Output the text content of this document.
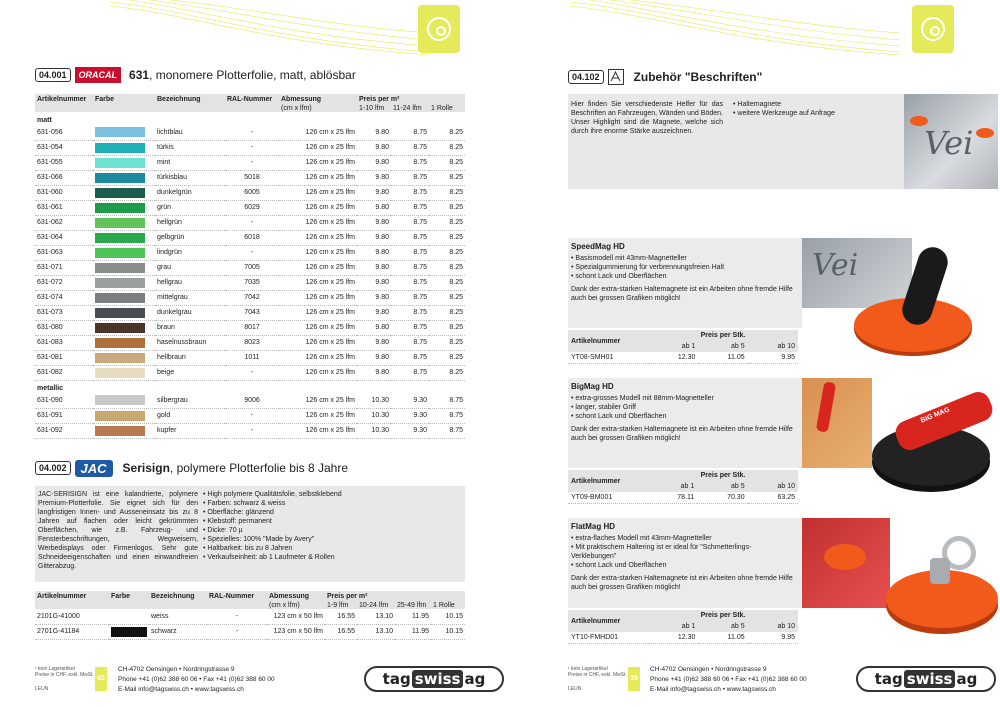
04.001	ORACAL	631, monomere Plotterfolie, matt, ablösbar
Artikelnummer	Farbe	Bezeichnung	RAL-Nummer	Abmessung	Preis per m²		
				(cm x lfm)	1-10 lfm	11-24 lfm	1 Rolle
matt							
631-056		lichtblau	-	126 cm x 25 lfm	9.80	8.75	8.25
631-054		türkis	-	126 cm x 25 lfm	9.80	8.75	8.25
631-055		mint	-	126 cm x 25 lfm	9.80	8.75	8.25
631-066		türkisblau	5018	126 cm x 25 lfm	9.80	8.75	8.25
631-060		dunkelgrün	6005	126 cm x 25 lfm	9.80	8.75	8.25
631-061		grün	6029	126 cm x 25 lfm	9.80	8.75	8.25
631-062		hellgrün	-	126 cm x 25 lfm	9.80	8.75	8.25
631-064		gelbgrün	6018	126 cm x 25 lfm	9.80	8.75	8.25
631-063		lindgrün	-	126 cm x 25 lfm	9.80	8.75	8.25
631-071		grau	7005	126 cm x 25 lfm	9.80	8.75	8.25
631-072		hellgrau	7035	126 cm x 25 lfm	9.80	8.75	8.25
631-074		mittelgrau	7042	126 cm x 25 lfm	9.80	8.75	8.25
631-073		dunkelgrau	7043	126 cm x 25 lfm	9.80	8.75	8.25
631-080		braun	8017	126 cm x 25 lfm	9.80	8.75	8.25
631-083		haselnussbraun	8023	126 cm x 25 lfm	9.80	8.75	8.25
631-081		hellbraun	1011	126 cm x 25 lfm	9.80	8.75	8.25
631-082		beige	-	126 cm x 25 lfm	9.80	8.75	8.25
metallic							
631-090		silbergrau	9006	126 cm x 25 lfm	10.30	9.30	8.75
631-091		gold	-	126 cm x 25 lfm	10.30	9.30	8.75
631-092		kupfer	-	126 cm x 25 lfm	10.30	9.30	8.75
04.002	JAC	Serisign, polymere Plotterfolie bis 8 Jahre
JAC-SERISIGN ist eine kalandrierte, polymere Premium-Plotterfolie. Sie eignet sich für den langfristigen Innen- und Ausseneinsatz bis zu 8 Jahren auf flachen oder leicht gekrümmten Oberflächen, wie z.B. Fahrzeug- und Fensterbeschriftungen, Wegweisern, Werbedisplays oder Firmenlogos. Sehr gute Schneideeigenschaften und einen einwandfreien Gitterabzug.
• High polymere Qualitätsfolie, selbstklebend
• Farben: schwarz & weiss
• Oberfläche: glänzend
• Klebstoff: permanent
• Dicke: 70 µ
• Spezielles: 100% "Made by Avery"
• Haltbarkeit: bis zu 8 Jahren
• Verkaufseinheit: ab 1 Laufmeter & Rollen
Artikelnummer	Farbe	Bezeichnung	RAL-Nummer	Abmessung	Preis per m²			
				(cm x lfm)	1-9 lfm	10-24 lfm	25-49 lfm	1 Rolle
2101G-41000		weiss	-	123 cm x 50 lfm	16.55	13.10	11.95	10.15
2701G-41184		schwarz	-	123 cm x 50 lfm	16.55	13.10	11.95	10.15
¹ kein Lagerartikel
Preise in CHF, exkl. MwSt.
LEUN
02
CH-4702 Oensingen • Nordringstrasse 9
Phone +41 (0)62 388 60 06 • Fax +41 (0)62 388 60 00
E-Mail info@tagswiss.ch • www.tagswiss.ch
tag swiss ag
04.102	Zubehör "Beschriften"
Hier finden Sie verschiedenste Helfer für das Beschriften an Fahrzeugen, Wänden und Böden. Unser Highlight sind die Magnete, welche sich durch ihre enorme Stärke auszeichnen.
• Haltemagnete
• weitere Werkzeuge auf Anfrage
Vei
SpeedMag HD
• Basismodell mit 43mm-Magnetteller
• Spezialgummierung für verbrennungsfreien Halt
• schont Lack und Oberflächen
Dank der extra-starken Haltemagnete ist ein Arbeiten ohne fremde Hilfe auch bei grossen Grafiken möglich!
Artikelnummer	Preis per Stk.		
	ab 1	ab 5	ab 10
YT08-SMH01	12.30	11.05	9.95
Vei
BigMag HD
• extra-grosses Modell mit 88mm-Magnetteller
• langer, stabiler Griff
• schont Lack und Oberflächen
Dank der extra-starken Haltemagnete ist ein Arbeiten ohne fremde Hilfe auch bei grossen Grafiken möglich!
Artikelnummer	Preis per Stk.		
	ab 1	ab 5	ab 10
YT09-BM001	78.11	70.30	63.25
BIG MAG
FlatMag HD
• extra-flaches Modell mit 43mm-Magnetteller
• Mit praktischem Haltering ist er ideal für "Schmetterlings-Verklebungen"
• schont Lack und Oberflächen
Dank der extra-starken Haltemagnete ist ein Arbeiten ohne fremde Hilfe auch bei grossen Grafiken möglich!
Artikelnummer	Preis per Stk.		
	ab 1	ab 5	ab 10
YT10-FMHD01	12.30	11.05	9.95
¹ kein Lagerartikel
Preise in CHF, exkl. MwSt.
LEUN
35
CH-4702 Oensingen • Nordringstrasse 9
Phone +41 (0)62 388 60 06 • Fax +41 (0)62 388 60 00
E-Mail info@tagswiss.ch • www.tagswiss.ch
tag swiss ag
